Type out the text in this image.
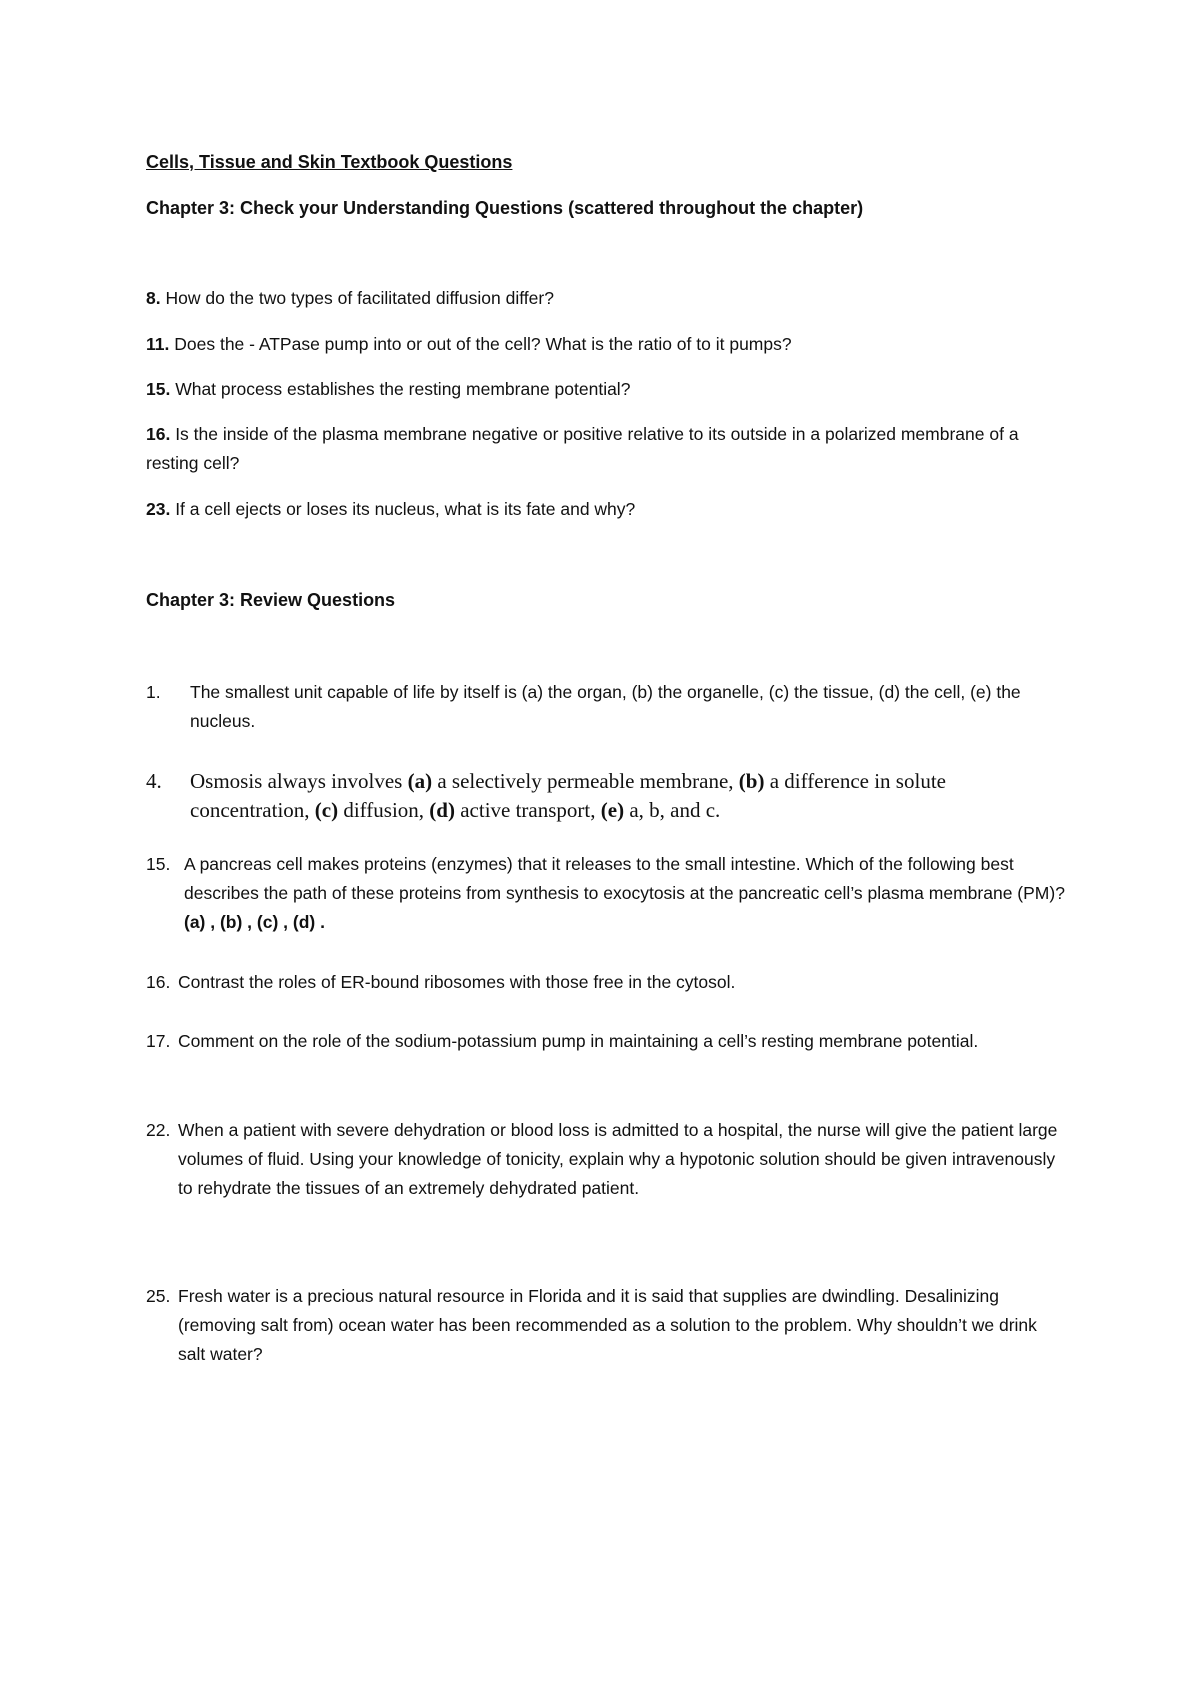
Cells, Tissue and Skin Textbook Questions
Chapter 3: Check your Understanding Questions (scattered throughout the chapter)
8. How do the two types of facilitated diffusion differ?
11. Does the - ATPase pump into or out of the cell? What is the ratio of to it pumps?
15. What process establishes the resting membrane potential?
16. Is the inside of the plasma membrane negative or positive relative to its outside in a polarized membrane of a resting cell?
23. If a cell ejects or loses its nucleus, what is its fate and why?
Chapter 3: Review Questions
1. The smallest unit capable of life by itself is (a) the organ, (b) the organelle, (c) the tissue, (d) the cell, (e) the nucleus.
4. Osmosis always involves (a) a selectively permeable membrane, (b) a difference in solute concentration, (c) diffusion, (d) active transport, (e) a, b, and c.
15. A pancreas cell makes proteins (enzymes) that it releases to the small intestine. Which of the following best describes the path of these proteins from synthesis to exocytosis at the pancreatic cell’s plasma membrane (PM)? (a) , (b) , (c) , (d) .
16. Contrast the roles of ER-bound ribosomes with those free in the cytosol.
17. Comment on the role of the sodium-potassium pump in maintaining a cell’s resting membrane potential.
22. When a patient with severe dehydration or blood loss is admitted to a hospital, the nurse will give the patient large volumes of fluid. Using your knowledge of tonicity, explain why a hypotonic solution should be given intravenously to rehydrate the tissues of an extremely dehydrated patient.
25. Fresh water is a precious natural resource in Florida and it is said that supplies are dwindling. Desalinizing (removing salt from) ocean water has been recommended as a solution to the problem. Why shouldn’t we drink salt water?
